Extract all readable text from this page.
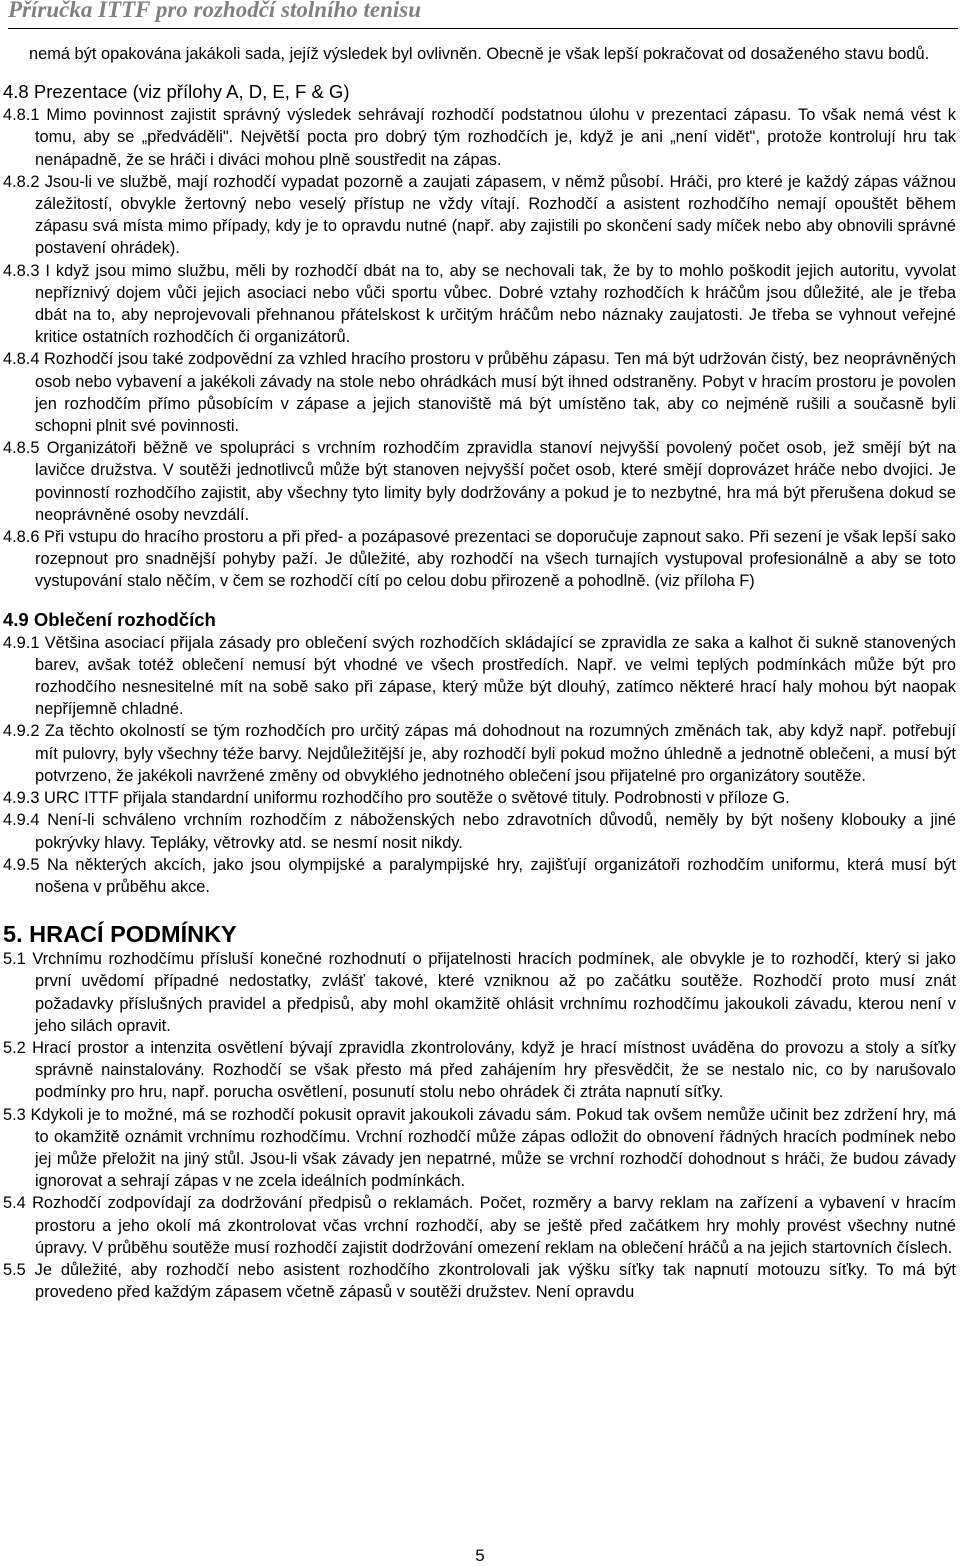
Příručka ITTF pro rozhodčí stolního tenisu

nemá být opakována jakákoli sada, jejíž výsledek byl ovlivněn. Obecně je však lepší pokračovat od dosaženého stavu bodů.

4.8 Prezentace (viz přílohy A, D, E, F & G)

4.8.1 Mimo povinnost zajistit správný výsledek sehrávají rozhodčí podstatnou úlohu v prezentaci zápasu. To však nemá vést k tomu, aby se „předváděli". Největší pocta pro dobrý tým rozhodčích je, když je ani „není vidět", protože kontrolují hru tak nenápadně, že se hráči i diváci mohou plně soustředit na zápas.

4.8.2 Jsou-li ve službě, mají rozhodčí vypadat pozorně a zaujati zápasem, v němž působí. Hráči, pro které je každý zápas vážnou záležitostí, obvykle žertovný nebo veselý přístup ne vždy vítají. Rozhodčí a asistent rozhodčího nemají opouštět během zápasu svá místa mimo případy, kdy je to opravdu nutné (např. aby zajistili po skončení sady míček nebo aby obnovili správné postavení ohrádek).

4.8.3 I když jsou mimo službu, měli by rozhodčí dbát na to, aby se nechovali tak, že by to mohlo poškodit jejich autoritu, vyvolat nepříznivý dojem vůči jejich asociaci nebo vůči sportu vůbec. Dobré vztahy rozhodčích k hráčům jsou důležité, ale je třeba dbát na to, aby neprojevovali přehnanou přátelskost k určitým hráčům nebo náznaky zaujatosti. Je třeba se vyhnout veřejné kritice ostatních rozhodčích či organizátorů.

4.8.4 Rozhodčí jsou také zodpovědní za vzhled hracího prostoru v průběhu zápasu. Ten má být udržován čistý, bez neoprávněných osob nebo vybavení a jakékoli závady na stole nebo ohrádkách musí být ihned odstraněny. Pobyt v hracím prostoru je povolen jen rozhodčím přímo působícím v zápase a jejich stanoviště má být umístěno tak, aby co nejméně rušili a současně byli schopni plnit své povinnosti.

4.8.5 Organizátoři běžně ve spolupráci s vrchním rozhodčím zpravidla stanoví nejvyšší povolený počet osob, jež smějí být na lavičce družstva. V soutěži jednotlivců může být stanoven nejvyšší počet osob, které smějí doprovázet hráče nebo dvojici. Je povinností rozhodčího zajistit, aby všechny tyto limity byly dodržovány a pokud je to nezbytné, hra má být přerušena dokud se neoprávněné osoby nevzdálí.

4.8.6 Při vstupu do hracího prostoru a při před- a pozápasové prezentaci se doporučuje zapnout sako. Při sezení je však lepší sako rozepnout pro snadnější pohyby paží. Je důležité, aby rozhodčí na všech turnajích vystupoval profesionálně a aby se toto vystupování stalo něčím, v čem se rozhodčí cítí po celou dobu přirozeně a pohodlně. (viz příloha F)

4.9 Oblečení rozhodčích

4.9.1 Většina asociací přijala zásady pro oblečení svých rozhodčích skládající se zpravidla ze saka a kalhot či sukně stanovených barev, avšak totéž oblečení nemusí být vhodné ve všech prostředích. Např. ve velmi teplých podmínkách může být pro rozhodčího nesnesitelné mít na sobě sako při zápase, který může být dlouhý, zatímco některé hrací haly mohou být naopak nepříjemně chladné.

4.9.2 Za těchto okolností se tým rozhodčích pro určitý zápas má dohodnout na rozumných změnách tak, aby když např. potřebují mít pulovry, byly všechny téže barvy. Nejdůležitější je, aby rozhodčí byli pokud možno úhledně a jednotně oblečeni, a musí být potvrzeno, že jakékoli navržené změny od obvyklého jednotného oblečení jsou přijatelné pro organizátory soutěže.

4.9.3 URC ITTF přijala standardní uniformu rozhodčího pro soutěže o světové tituly. Podrobnosti v příloze G.

4.9.4 Není-li schváleno vrchním rozhodčím z náboženských nebo zdravotních důvodů, neměly by být nošeny klobouky a jiné pokrývky hlavy. Tepláky, větrovky atd. se nesmí nosit nikdy.

4.9.5 Na některých akcích, jako jsou olympijské a paralympijské hry, zajišťují organizátoři rozhodčím uniformu, která musí být nošena v průběhu akce.

5. HRACÍ PODMÍNKY

5.1 Vrchnímu rozhodčímu přísluší konečné rozhodnutí o přijatelnosti hracích podmínek, ale obvykle je to rozhodčí, který si jako první uvědomí případné nedostatky, zvlášť takové, které vzniknou až po začátku soutěže. Rozhodčí proto musí znát požadavky příslušných pravidel a předpisů, aby mohl okamžitě ohlásit vrchnímu rozhodčímu jakoukoli závadu, kterou není v jeho silách opravit.

5.2 Hrací prostor a intenzita osvětlení bývají zpravidla zkontrolovány, když je hrací místnost uváděna do provozu a stoly a síťky správně nainstalovány. Rozhodčí se však přesto má před zahájením hry přesvědčit, že se nestalo nic, co by narušovalo podmínky pro hru, např. porucha osvětlení, posunutí stolu nebo ohrádek či ztráta napnutí síťky.

5.3 Kdykoli je to možné, má se rozhodčí pokusit opravit jakoukoli závadu sám. Pokud tak ovšem nemůže učinit bez zdržení hry, má to okamžitě oznámit vrchnímu rozhodčímu. Vrchní rozhodčí může zápas odložit do obnovení řádných hracích podmínek nebo jej může přeložit na jiný stůl. Jsou-li však závady jen nepatrné, může se vrchní rozhodčí dohodnout s hráči, že budou závady ignorovat a sehrají zápas v ne zcela ideálních podmínkách.

5.4 Rozhodčí zodpovídají za dodržování předpisů o reklamách. Počet, rozměry a barvy reklam na zařízení a vybavení v hracím prostoru a jeho okolí má zkontrolovat včas vrchní rozhodčí, aby se ještě před začátkem hry mohly provést všechny nutné úpravy. V průběhu soutěže musí rozhodčí zajistit dodržování omezení reklam na oblečení hráčů a na jejich startovních číslech.

5.5 Je důležité, aby rozhodčí nebo asistent rozhodčího zkontrolovali jak výšku síťky tak napnutí motouzu síťky. To má být provedeno před každým zápasem včetně zápasů v soutěži družstev. Není opravdu

5
